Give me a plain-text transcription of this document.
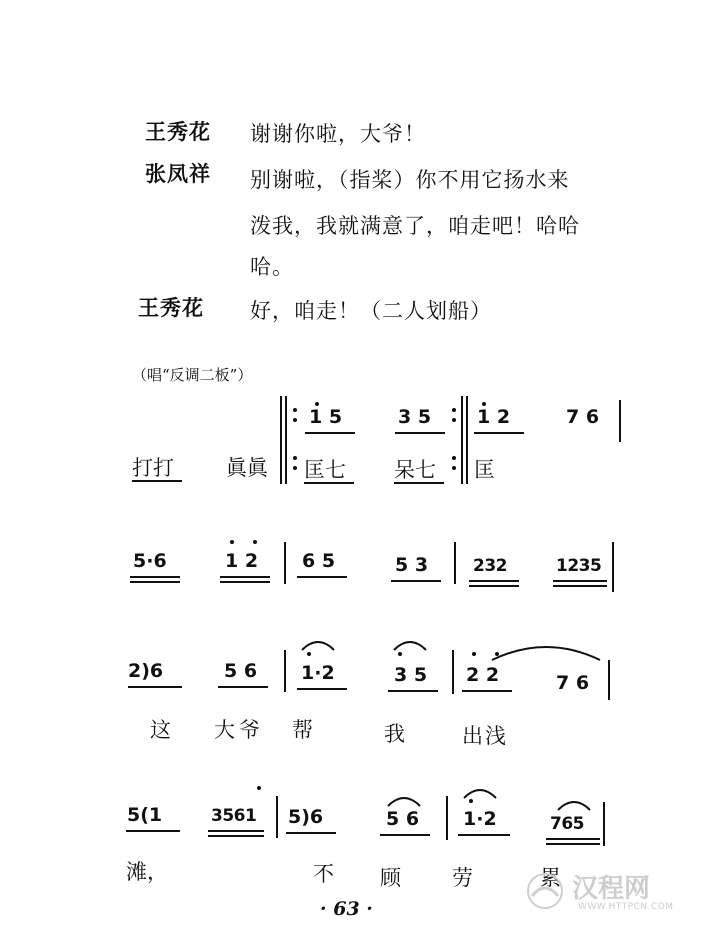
王秀花 谢谢你啦，大爷！
张凤祥 别谢啦，（指桨）你不用它扬水来
泼我，我就满意了，咱走吧！哈哈
哈。
王秀花 好，咱走！（二人划船）
（唱“反调二板”）
1 5	3 5 1 2	7 6
打打 眞眞 匡七 呆七 匡
5·6	1 2 6 5	5 3	232	1235
2)6	5 6 1·2	3 5 2 2	7 6
这 大爷 帮	我	出浅
5(1	3561 5)6	5 6 1·2	765
滩，	不 顾 劳	累
· 63 ·
汉程网
WWW.HTTPCN.COM
